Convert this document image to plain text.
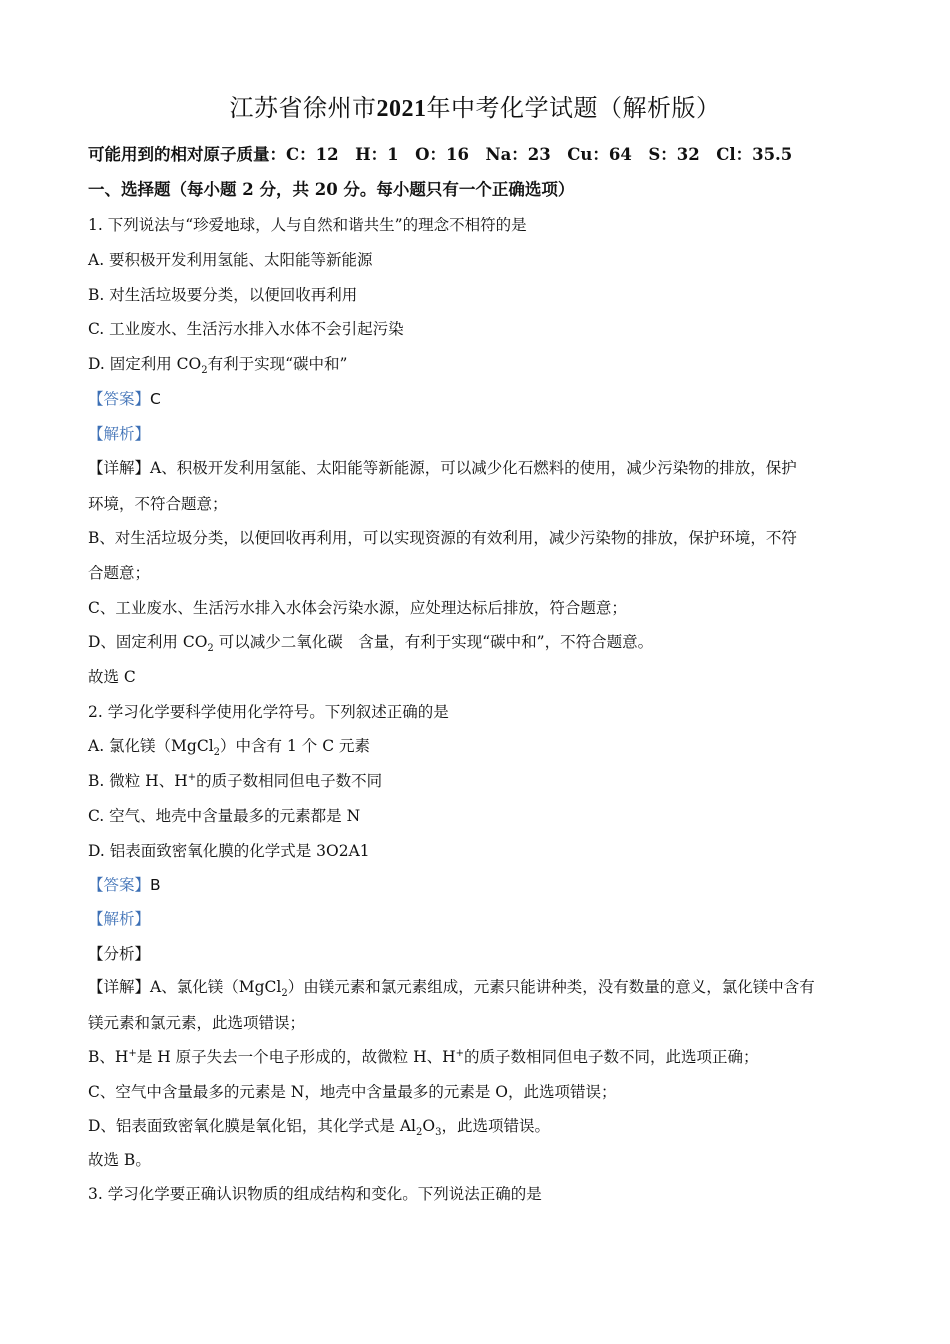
江苏省徐州市2021年中考化学试题（解析版）
可能用到的相对原子质量：C：12　H：1　O：16　Na：23　Cu：64　S：32　Cl：35.5
一、选择题（每小题 2 分，共 20 分。每小题只有一个正确选项）
1. 下列说法与“珍爱地球，人与自然和谐共生”的理念不相符的是
A. 要积极开发利用氢能、太阳能等新能源
B. 对生活垃圾要分类，以便回收再利用
C. 工业废水、生活污水排入水体不会引起污染
D. 固定利用 $CO_2$有利于实现“碳中和”
【答案】C
【解析】
【详解】A、积极开发利用氢能、太阳能等新能源，可以减少化石燃料的使用，减少污染物的排放，保护
环境，不符合题意；
B、对生活垃圾分类，以便回收再利用，可以实现资源的有效利用，减少污染物的排放，保护环境，不符
合题意；
C、工业废水、生活污水排入水体会污染水源，应处理达标后排放，符合题意；
D、固定利用 $CO_2$ 可以减少二氧化碳　含量，有利于实现“碳中和”，不符合题意。
故选 C
2. 学习化学要科学使用化学符号。下列叙述正确的是
A. 氯化镁（MgCl$_2$）中含有 1 个 C 元素
B. 微粒 H、H+的质子数相同但电子数不同
C. 空气、地壳中含量最多的元素都是 N
D. 铝表面致密氧化膜的化学式是 3O2A1
【答案】B
【解析】
【分析】
【详解】A、氯化镁（MgCl$_2$）由镁元素和氯元素组成，元素只能讲种类，没有数量的意义，氯化镁中含有
镁元素和氯元素，此选项错误；
B、H+是 H 原子失去一个电子形成的，故微粒 H、H+的质子数相同但电子数不同，此选项正确；
C、空气中含量最多的元素是 N，地壳中含量最多的元素是 O，此选项错误；
D、铝表面致密氧化膜是氧化铝，其化学式是 $Al_2O_3$，此选项错误。
故选 B。
3. 学习化学要正确认识物质的组成结构和变化。下列说法正确的是
